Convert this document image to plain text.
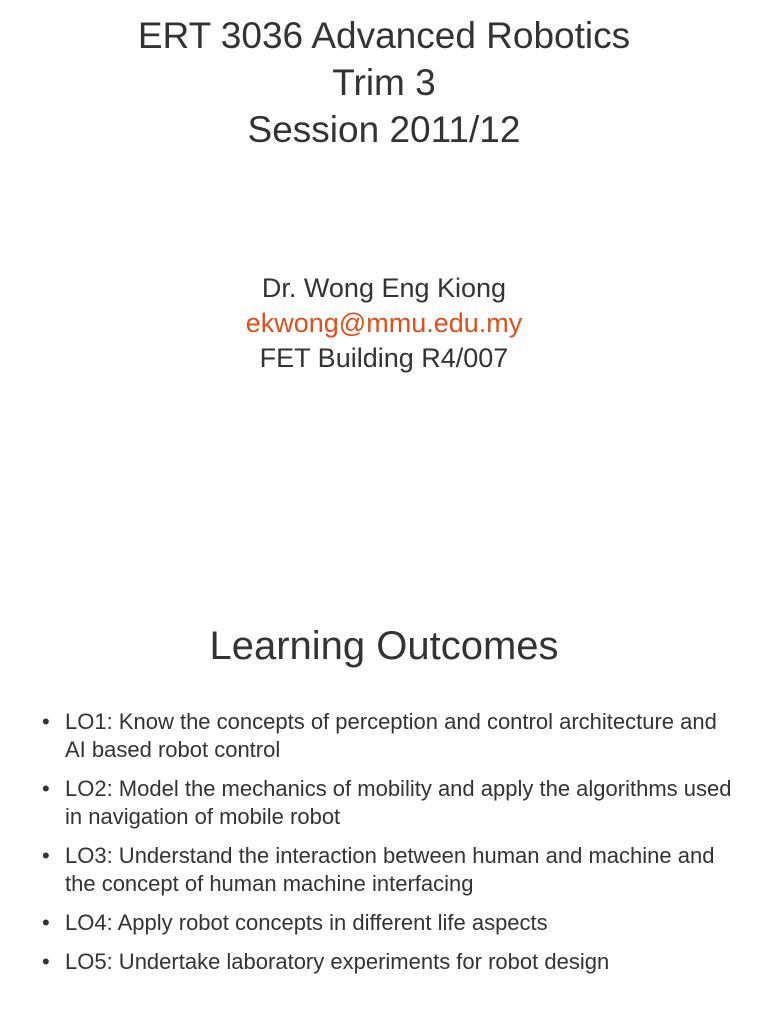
ERT 3036 Advanced Robotics
Trim 3
Session 2011/12
Dr. Wong Eng Kiong
ekwong@mmu.edu.my
FET Building R4/007
Learning Outcomes
• LO1: Know the concepts of perception and control architecture and AI based robot control
• LO2: Model the mechanics of mobility and apply the algorithms used in navigation of mobile robot
• LO3: Understand the interaction between human and machine and the concept of human machine interfacing
• LO4: Apply robot concepts in different life aspects
• LO5: Undertake laboratory experiments for robot design
